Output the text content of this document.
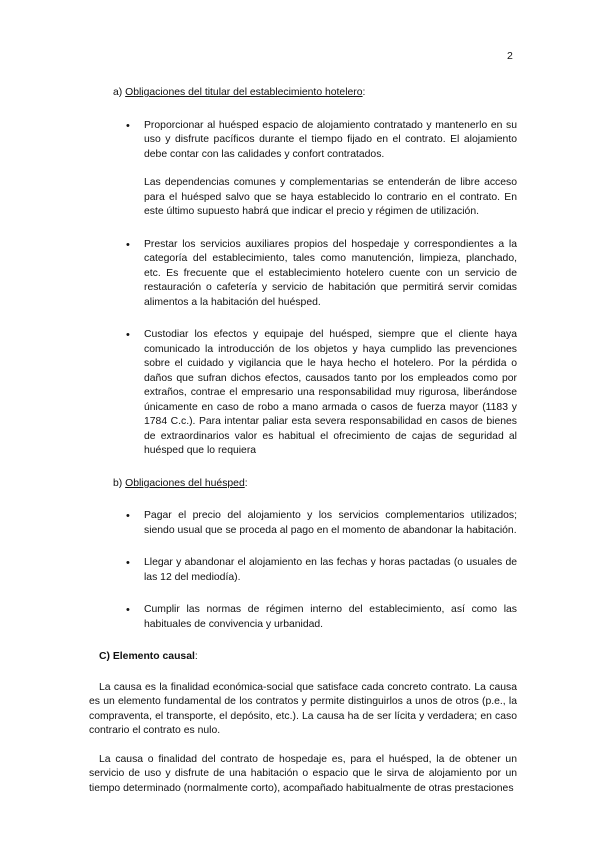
2
a) Obligaciones del titular del establecimiento hotelero:

• Proporcionar al huésped espacio de alojamiento contratado y mantenerlo en su uso y disfrute pacíficos durante el tiempo fijado en el contrato. El alojamiento debe contar con las calidades y confort contratados.

Las dependencias comunes y complementarias se entenderán de libre acceso para el huésped salvo que se haya establecido lo contrario en el contrato. En este último supuesto habrá que indicar el precio y régimen de utilización.

• Prestar los servicios auxiliares propios del hospedaje y correspondientes a la categoría del establecimiento, tales como manutención, limpieza, planchado, etc. Es frecuente que el establecimiento hotelero cuente con un servicio de restauración o cafetería y servicio de habitación que permitirá servir comidas alimentos a la habitación del huésped.

• Custodiar los efectos y equipaje del huésped, siempre que el cliente haya comunicado la introducción de los objetos y haya cumplido las prevenciones sobre el cuidado y vigilancia que le haya hecho el hotelero. Por la pérdida o daños que sufran dichos efectos, causados tanto por los empleados como por extraños, contrae el empresario una responsabilidad muy rigurosa, liberándose únicamente en caso de robo a mano armada o casos de fuerza mayor (1183 y 1784 C.c.). Para intentar paliar esta severa responsabilidad en casos de bienes de extraordinarios valor es habitual el ofrecimiento de cajas de seguridad al huésped que lo requiera

b) Obligaciones del huésped:

• Pagar el precio del alojamiento y los servicios complementarios utilizados; siendo usual que se proceda al pago en el momento de abandonar la habitación.

• Llegar y abandonar el alojamiento en las fechas y horas pactadas (o usuales de las 12 del mediodía).

• Cumplir las normas de régimen interno del establecimiento, así como las habituales de convivencia y urbanidad.

C) Elemento causal:

La causa es la finalidad económica-social que satisface cada concreto contrato. La causa es un elemento fundamental de los contratos y permite distinguirlos a unos de otros (p.e., la compraventa, el transporte, el depósito, etc.). La causa ha de ser lícita y verdadera; en caso contrario el contrato es nulo.

La causa o finalidad del contrato de hospedaje es, para el huésped, la de obtener un servicio de uso y disfrute de una habitación o espacio que le sirva de alojamiento por un tiempo determinado (normalmente corto), acompañado habitualmente de otras prestaciones
